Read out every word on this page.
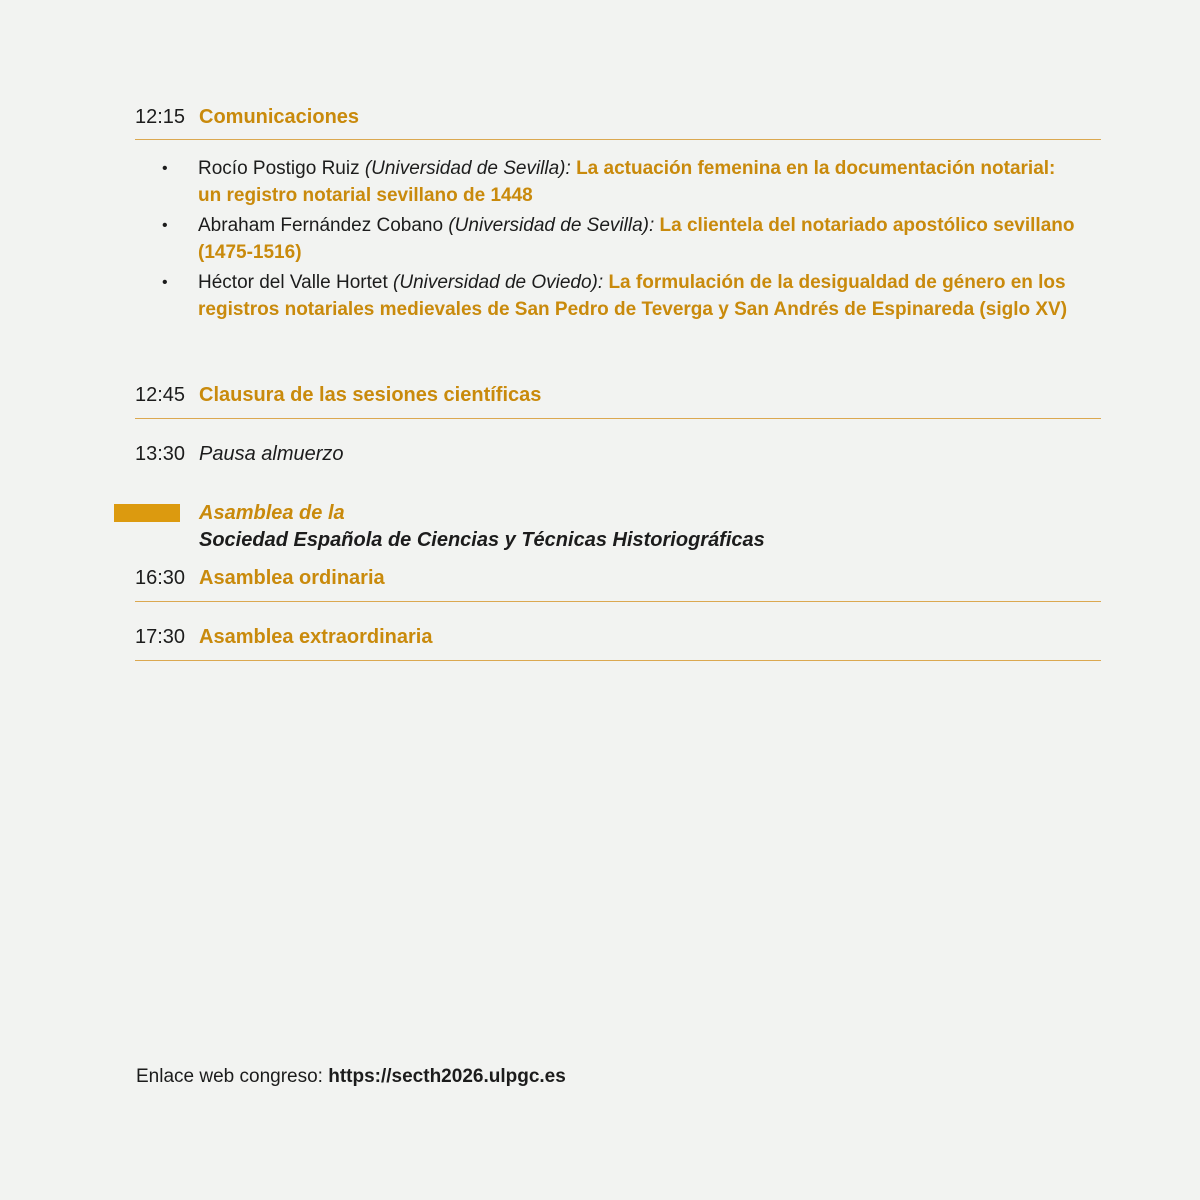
12:15 Comunicaciones
• Rocío Postigo Ruiz (Universidad de Sevilla): La actuación femenina en la documentación notarial: un registro notarial sevillano de 1448
• Abraham Fernández Cobano (Universidad de Sevilla): La clientela del notariado apostólico sevillano (1475-1516)
• Héctor del Valle Hortet (Universidad de Oviedo): La formulación de la desigualdad de género en los registros notariales medievales de San Pedro de Teverga y San Andrés de Espinareda (siglo XV)
12:45 Clausura de las sesiones científicas
13:30 Pausa almuerzo
Asamblea de la
Sociedad Española de Ciencias y Técnicas Historiográficas
16:30 Asamblea ordinaria
17:30 Asamblea extraordinaria
Enlace web congreso: https://secth2026.ulpgc.es
